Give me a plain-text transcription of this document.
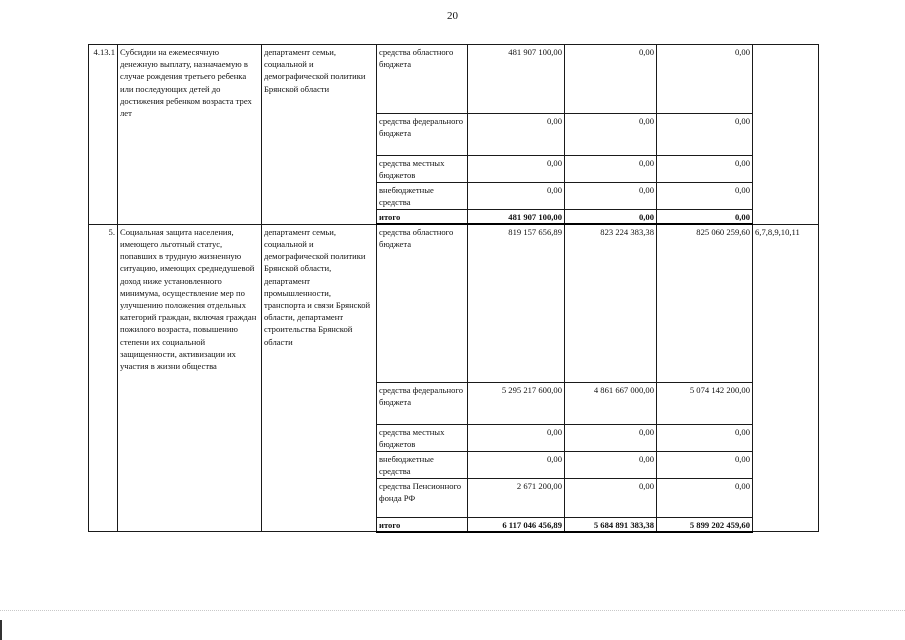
20
4.13.1	Субсидии на ежемесячную денежную выплату, назначаемую в случае рождения третьего ребенка или последующих детей до достижения ребенком возраста трех лет	департамент семьи, социальной и демографической политики Брянской области	средства областного бюджета	481 907 100,00	0,00	0,00	
			средства федерального бюджета	0,00	0,00	0,00	
			средства местных бюджетов	0,00	0,00	0,00	
			внебюджетные средства	0,00	0,00	0,00	
			итого	481 907 100,00	0,00	0,00	
5.	Социальная защита населения, имеющего льготный статус, попавших в трудную жизненную ситуацию, имеющих среднедушевой доход ниже установленного минимума, осуществление мер по улучшению положения отдельных категорий граждан, включая граждан пожилого возраста, повышению степени их социальной защищенности, активизации их участия в жизни общества	департамент семьи, социальной и демографической политики Брянской области, департамент промышленности, транспорта и связи Брянской области, департамент строительства Брянской области	средства областного бюджета	819 157 656,89	823 224 383,38	825 060 259,60	6,7,8,9,10,11
			средства федерального бюджета	5 295 217 600,00	4 861 667 000,00	5 074 142 200,00	
			средства местных бюджетов	0,00	0,00	0,00	
			внебюджетные средства	0,00	0,00	0,00	
			средства Пенсионного фонда РФ	2 671 200,00	0,00	0,00	
			итого	6 117 046 456,89	5 684 891 383,38	5 899 202 459,60	
